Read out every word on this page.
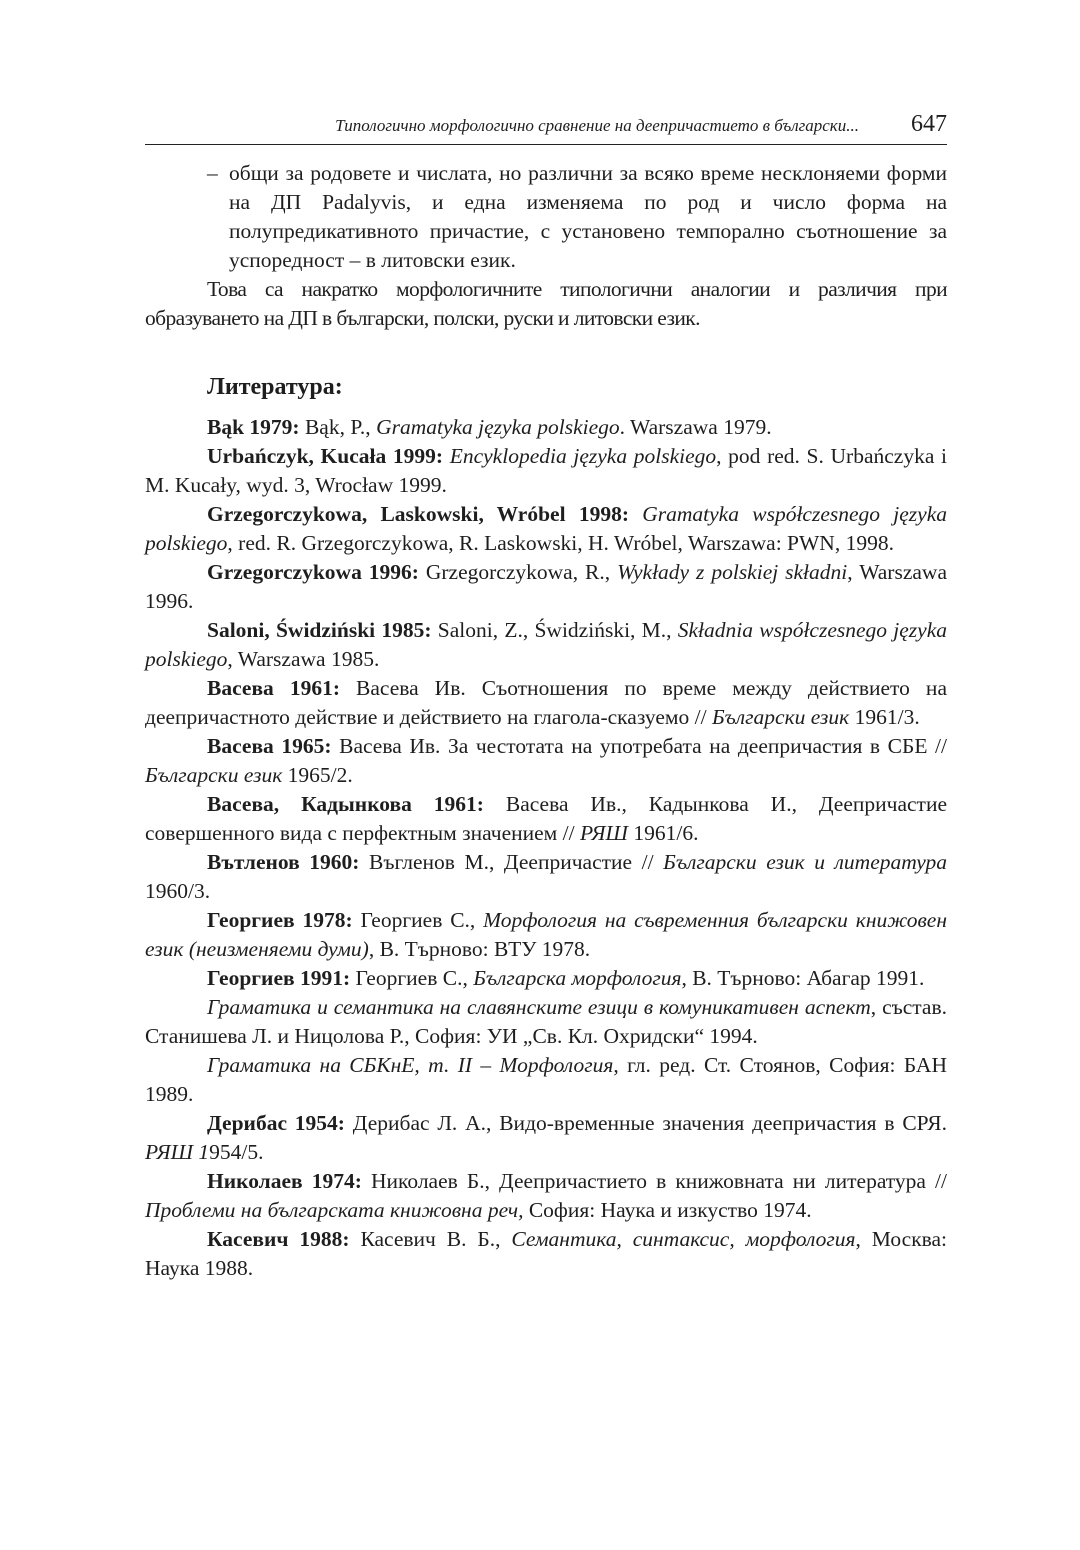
Типологично морфологично сравнение на деепричастието в български... 647

– общи за родовете и числата, но различни за всяко време несклоняеми форми на ДП Padalyvis, и една изменяема по род и число форма на полупредикативното причастие, с установено темпорално съотношение за успоредност – в литовски език.

Това са накратко морфологичните типологични аналогии и различия при образуването на ДП в български, полски, руски и литовски език.

Литература:

Bąk 1979: Bąk, P., Gramatyka języka polskiego. Warszawa 1979.

Urbańczyk, Kucała 1999: Encyklopedia języka polskiego, pod red. S. Urbańczyka i M. Kucały, wyd. 3, Wrocław 1999.

Grzegorczykowa, Laskowski, Wróbel 1998: Gramatyka współczesnego języka polskiego, red. R. Grzegorczykowa, R. Laskowski, H. Wróbel, Warszawa: PWN, 1998.

Grzegorczykowa 1996: Grzegorczykowa, R., Wykłady z polskiej składni, Warszawa 1996.

Saloni, Świdziński 1985: Saloni, Z., Świdziński, M., Składnia współczesnego języka polskiego, Warszawa 1985.

Васева 1961: Васева Ив. Съотношения по време между действието на деепричастното действие и действието на глагола-сказуемо // Български език 1961/3.

Васева 1965: Васева Ив. За честотата на употребата на деепричастия в СБЕ // Български език 1965/2.

Васева, Кадынкова 1961: Васева Ив., Кадынкова И., Деепричастие совершенного вида с перфектным значением // РЯШ 1961/6.

Вътленов 1960: Въгленов М., Деепричастие // Български език и литература 1960/3.

Георгиев 1978: Георгиев С., Морфология на съвременния български книжовен език (неизменяеми думи), В. Търново: ВТУ 1978.

Георгиев 1991: Георгиев С., Българска морфология, В. Търново: Абагар 1991.

Граматика и семантика на славянските езици в комуникативен аспект, състав. Станишева Л. и Ницолова Р., София: УИ „Св. Кл. Охридски“ 1994.

Граматика на СБКнЕ, т. II – Морфология, гл. ред. Ст. Стоянов, София: БАН 1989.

Дерибас 1954: Дерибас Л. А., Видо-временные значения деепричастия в СРЯ. РЯШ 1954/5.

Николаев 1974: Николаев Б., Деепричастието в книжовната ни литература // Проблеми на българската книжовна реч, София: Наука и изкуство 1974.

Касевич 1988: Касевич В. Б., Семантика, синтаксис, морфология, Москва: Наука 1988.
